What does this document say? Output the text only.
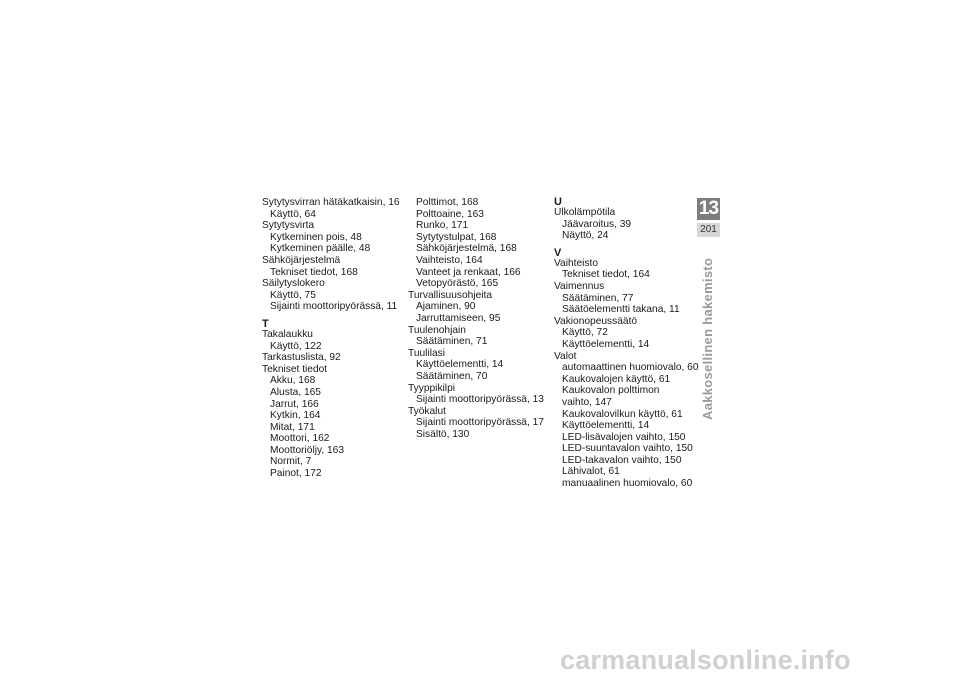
Sytytysvirran hätäkatkaisin, 16
Käyttö, 64
Sytytysvirta
Kytkeminen pois, 48
Kytkeminen päälle, 48
Sähköjärjestelmä
Tekniset tiedot, 168
Säilytyslokero
Käyttö, 75
Sijainti moottoripyörässä, 11
T
Takalaukku
Käyttö, 122
Tarkastuslista, 92
Tekniset tiedot
Akku, 168
Alusta, 165
Jarrut, 166
Kytkin, 164
Mitat, 171
Moottori, 162
Moottoriöljy, 163
Normit, 7
Painot, 172
Polttimot, 168
Polttoaine, 163
Runko, 171
Sytytystulpat, 168
Sähköjärjestelmä, 168
Vaihteisto, 164
Vanteet ja renkaat, 166
Vetopyörästö, 165
Turvallisuusohjeita
Ajaminen, 90
Jarruttamiseen, 95
Tuulenohjain
Säätäminen, 71
Tuulilasi
Käyttöelementti, 14
Säätäminen, 70
Tyyppikilpi
Sijainti moottoripyörässä, 13
Työkalut
Sijainti moottoripyörässä, 17
Sisältö, 130
U
Ulkolämpötila
Jäävaroitus, 39
Näyttö, 24
V
Vaihteisto
Tekniset tiedot, 164
Vaimennus
Säätäminen, 77
Säätöelementti takana, 11
Vakionopeussäätö
Käyttö, 72
Käyttöelementti, 14
Valot
automaattinen huomiovalo, 60
Kaukovalojen käyttö, 61
Kaukovalon polttimon
vaihto, 147
Kaukovalovilkun käyttö, 61
Käyttöelementti, 14
LED-lisävalojen vaihto, 150
LED-suuntavalon vaihto, 150
LED-takavalon vaihto, 150
Lähivalot, 61
manuaalinen huomiovalo, 60
13
201
Aakkosellinen hakemisto
carmanualsonline.info
